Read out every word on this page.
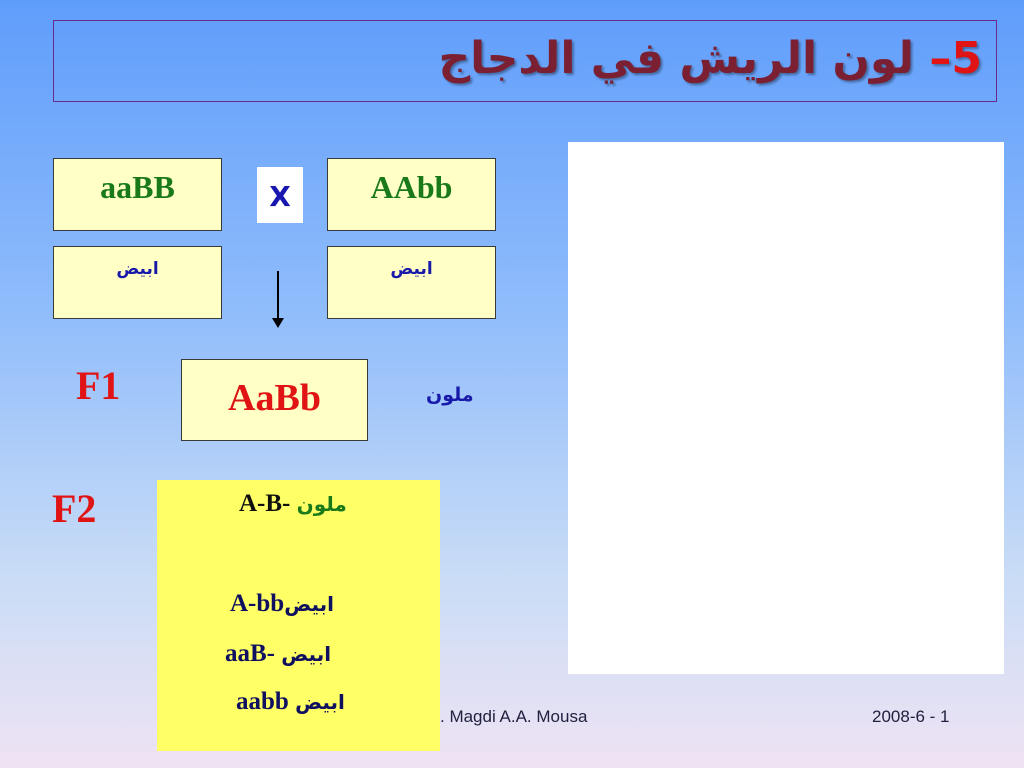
5– لون الريش في الدجاج
aaBB	X	AAbb
ابيض	ابيض
F1	AaBb	ملون
F2	A-B- ملون
A-bbابيض
aaB- ابيض
aabb ابيض
. Magdi A.A. Mousa	2008-6 - 1
